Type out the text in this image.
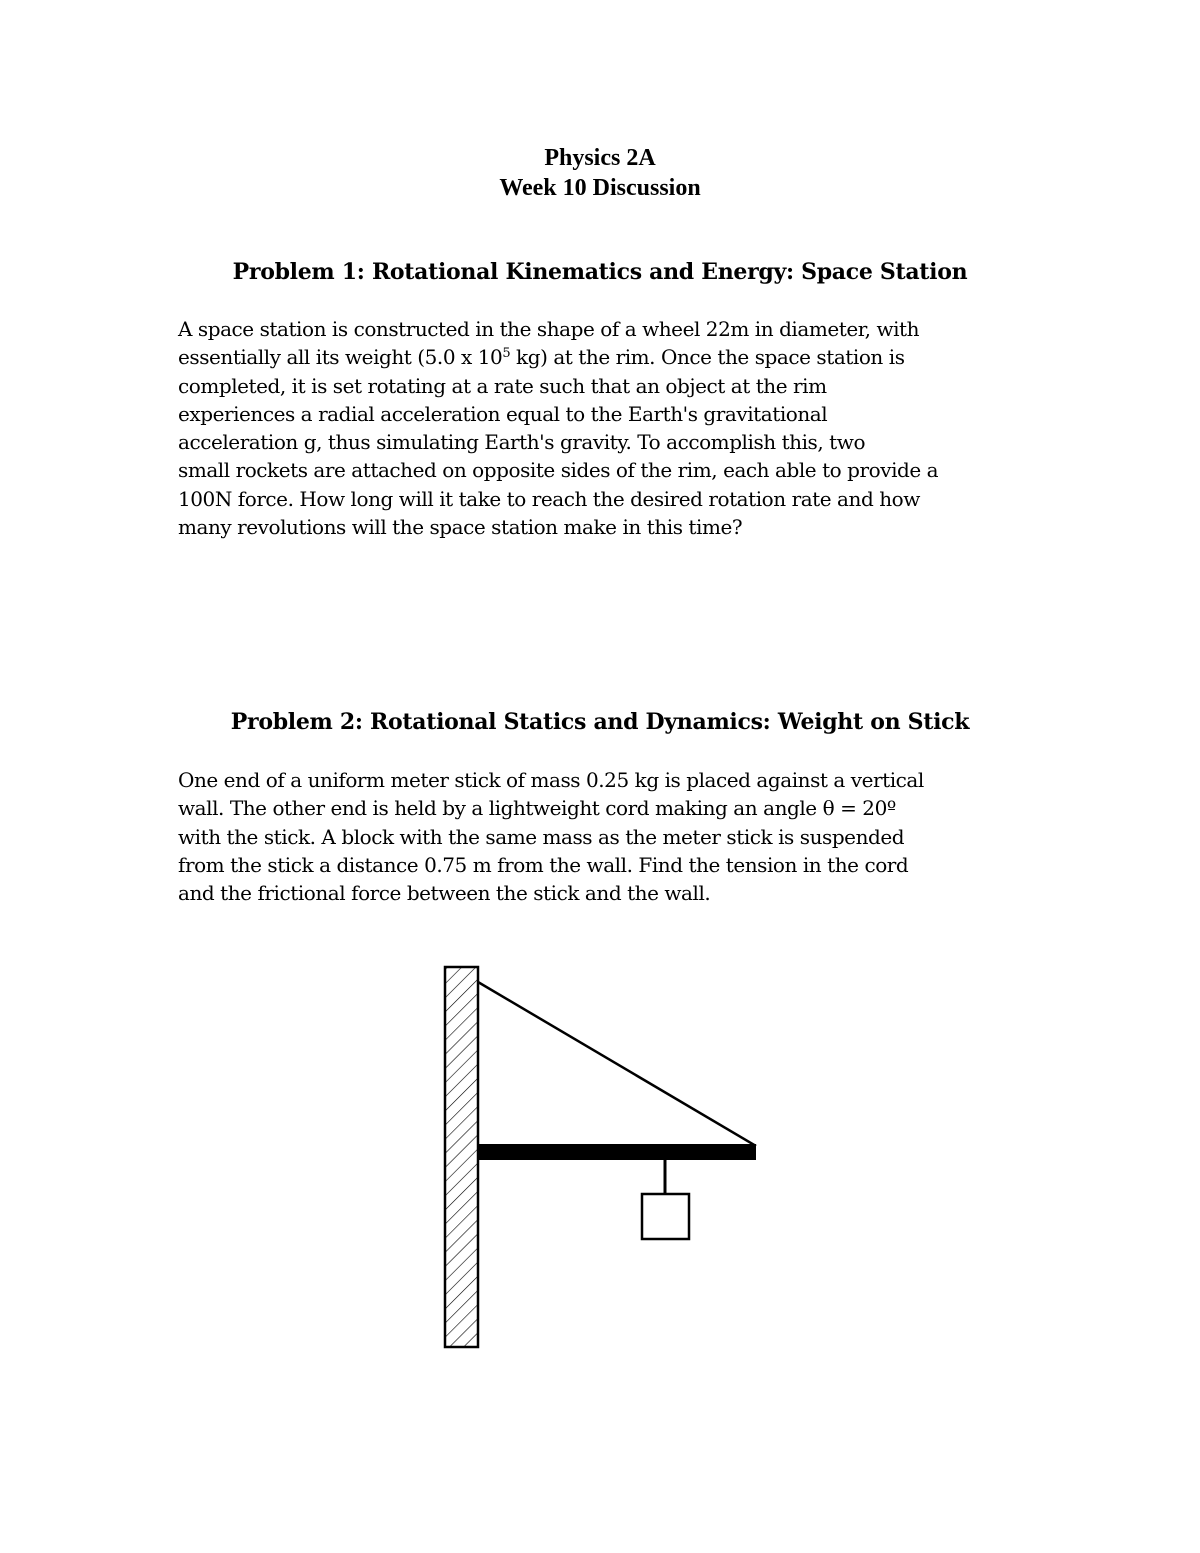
Physics 2A
Week 10 Discussion
Problem 1: Rotational Kinematics and Energy: Space Station
A space station is constructed in the shape of a wheel 22m in diameter, with
essentially all its weight (5.0 x $10^5$ kg) at the rim. Once the space station is
completed, it is set rotating at a rate such that an object at the rim
experiences a radial acceleration equal to the Earth's gravitational
acceleration g, thus simulating Earth's gravity. To accomplish this, two
small rockets are attached on opposite sides of the rim, each able to provide a
100N force. How long will it take to reach the desired rotation rate and how
many revolutions will the space station make in this time?
Problem 2: Rotational Statics and Dynamics: Weight on Stick
One end of a uniform meter stick of mass 0.25 kg is placed against a vertical
wall. The other end is held by a lightweight cord making an angle θ = 20º
with the stick. A block with the same mass as the meter stick is suspended
from the stick a distance 0.75 m from the wall. Find the tension in the cord
and the frictional force between the stick and the wall.
